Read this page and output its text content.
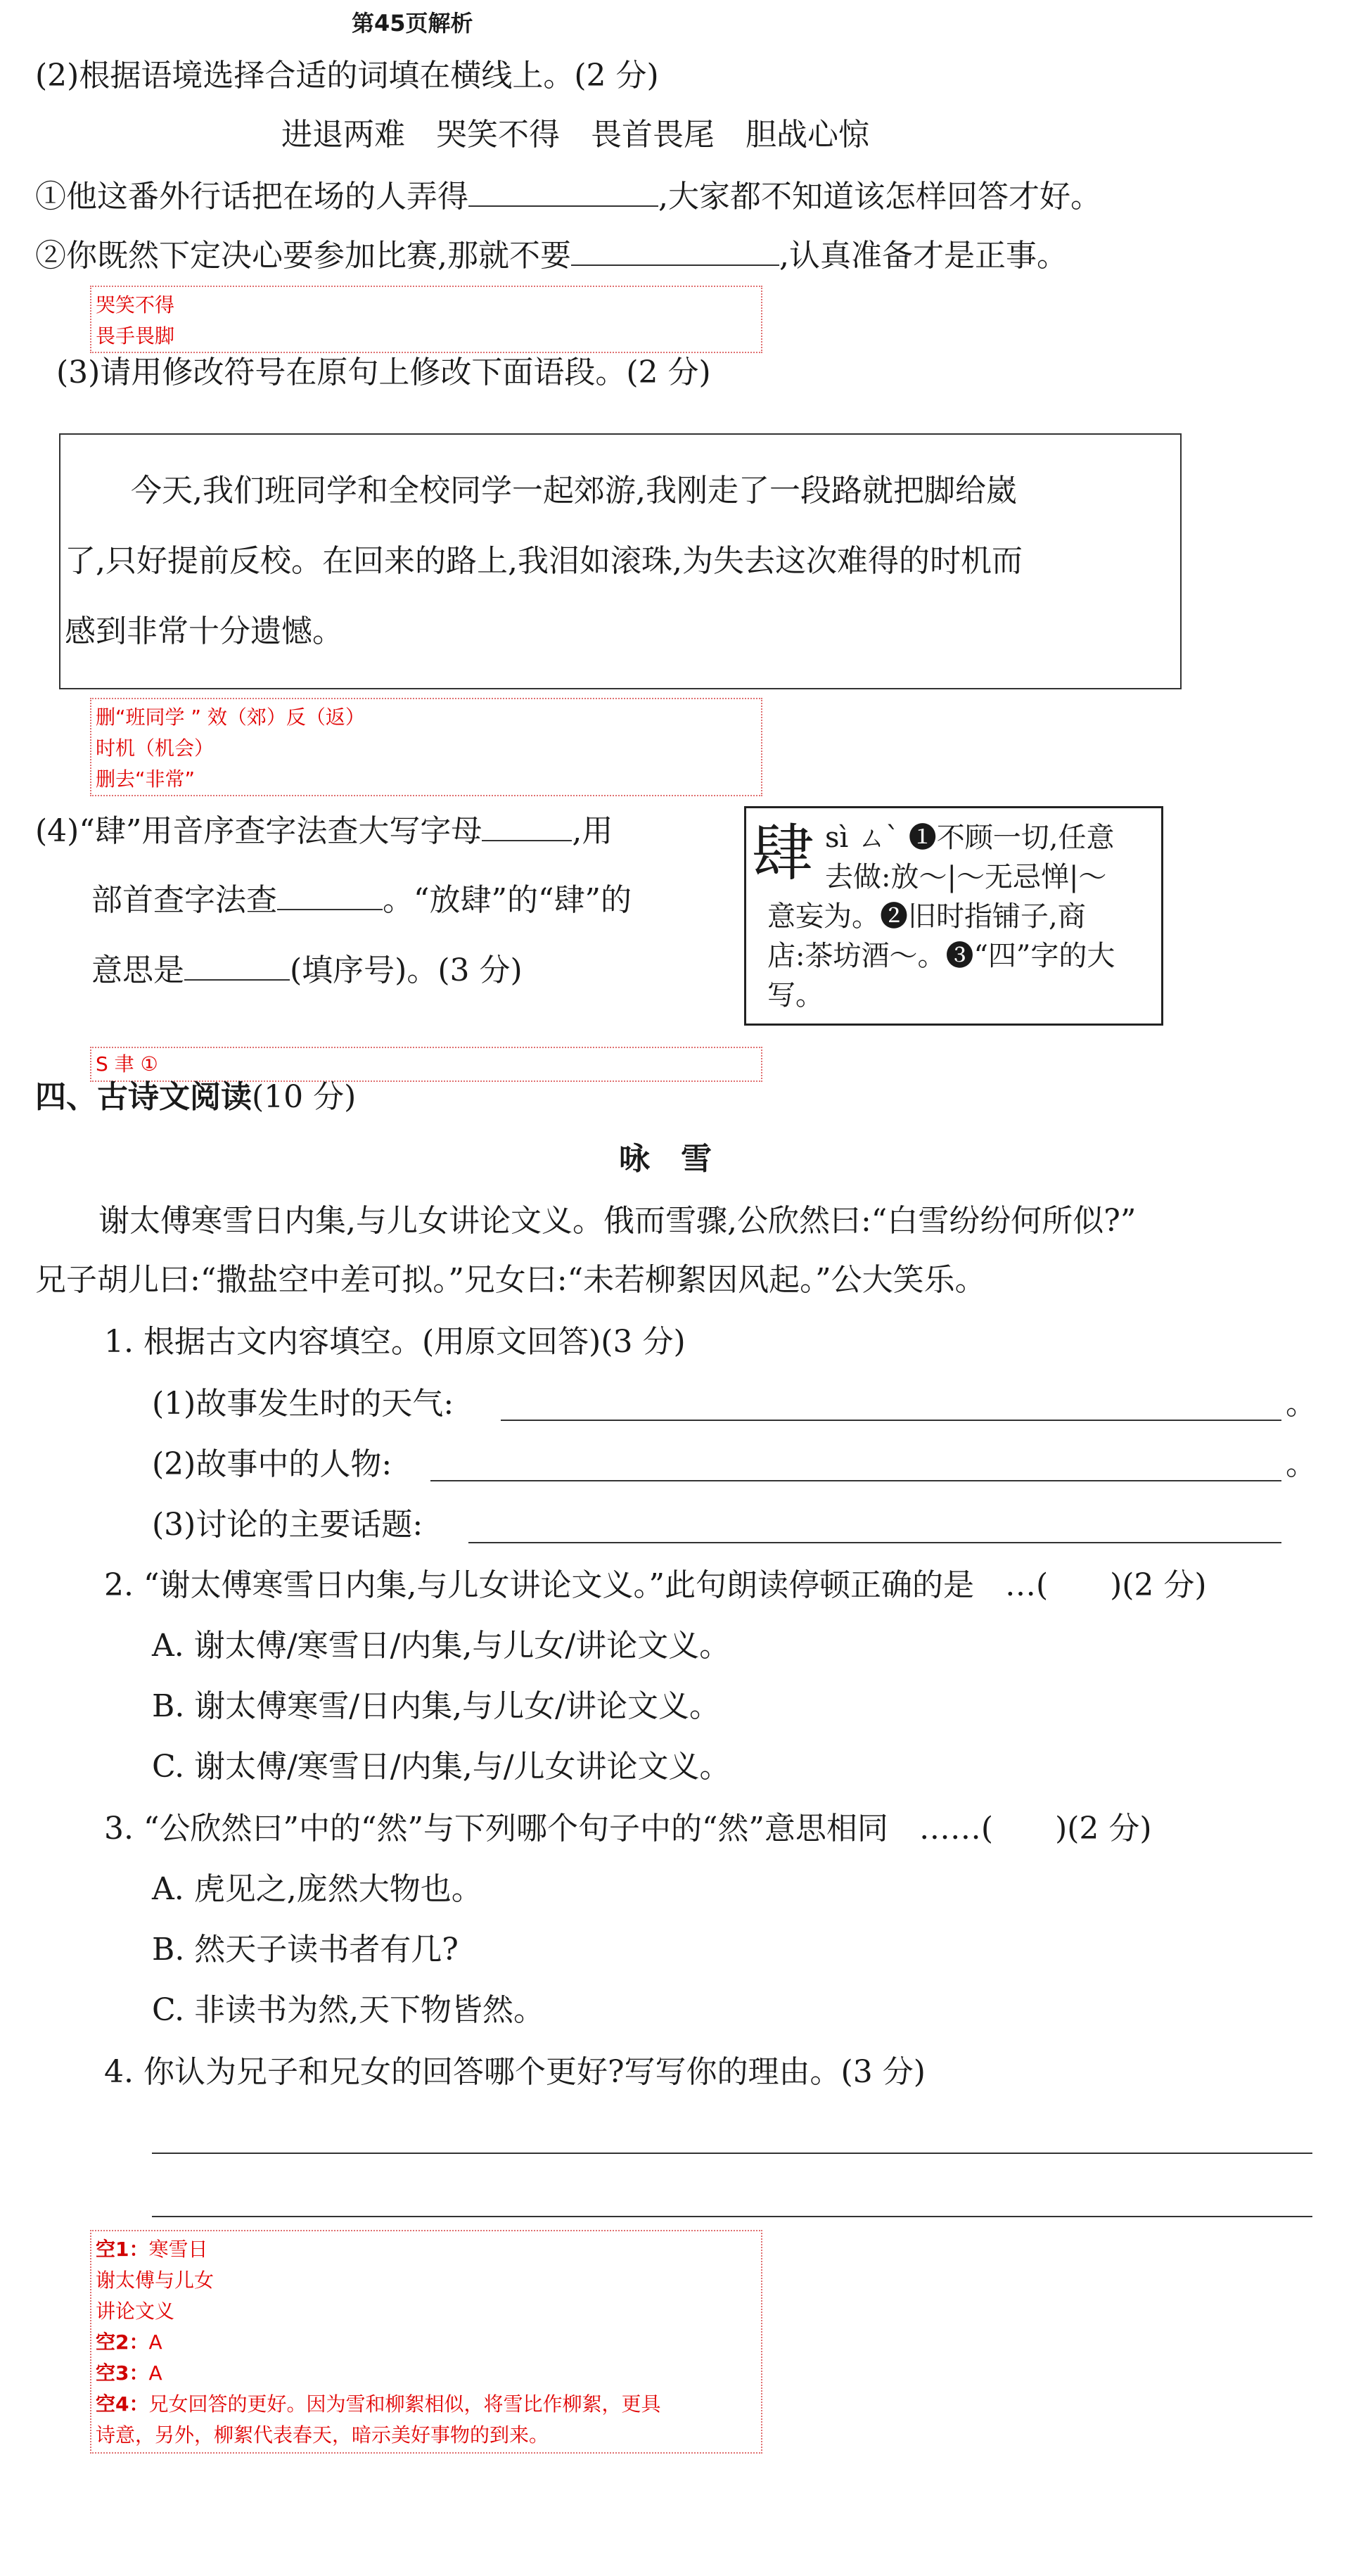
第45页解析
(2)根据语境选择合适的词填在横线上。(2 分)
进退两难　哭笑不得　畏首畏尾　胆战心惊
①他这番外行话把在场的人弄得	,大家都不知道该怎样回答才好。
②你既然下定决心要参加比赛,那就不要	,认真准备才是正事。
哭笑不得
畏手畏脚
(3)请用修改符号在原句上修改下面语段。(2 分)
今天,我们班同学和全校同学一起郊游,我刚走了一段路就把脚给崴
了,只好提前反校。在回来的路上,我泪如滚珠,为失去这次难得的时机而
感到非常十分遗憾。
删“班同学 ” 效（郊）反（返）
时机（机会）
删去“非常”
(4)“肆”用音序查字法查大写字母	,用
部首查字法查	。“放肆”的“肆”的
意思是	(填序号)。(3 分)
肆 sì ㄙˋ ❶不顾一切,任意
去做:放～|～无忌惮|～
意妄为。❷旧时指铺子,商
店:茶坊酒～。❸“四”字的大
写。
S 聿 ①
四、古诗文阅读(10 分)
咏　雪
谢太傅寒雪日内集,与儿女讲论文义。俄而雪骤,公欣然曰:“白雪纷纷何所似?”
兄子胡儿曰:“撒盐空中差可拟。”兄女曰:“未若柳絮因风起。”公大笑乐。
1. 根据古文内容填空。(用原文回答)(3 分)
(1)故事发生时的天气:	。
(2)故事中的人物:	。
(3)讨论的主要话题:
2. “谢太傅寒雪日内集,与儿女讲论文义。”此句朗读停顿正确的是　…(　　)(2 分)
A. 谢太傅/寒雪日/内集,与儿女/讲论文义。
B. 谢太傅寒雪/日内集,与儿女/讲论文义。
C. 谢太傅/寒雪日/内集,与/儿女讲论文义。
3. “公欣然曰”中的“然”与下列哪个句子中的“然”意思相同　……(　　)(2 分)
A. 虎见之,庞然大物也。
B. 然天子读书者有几?
C. 非读书为然,天下物皆然。
4. 你认为兄子和兄女的回答哪个更好?写写你的理由。(3 分)
空1：寒雪日
谢太傅与儿女
讲论文义
空2：A
空3：A
空4：兄女回答的更好。因为雪和柳絮相似，将雪比作柳絮，更具
诗意，另外，柳絮代表春天，暗示美好事物的到来。
